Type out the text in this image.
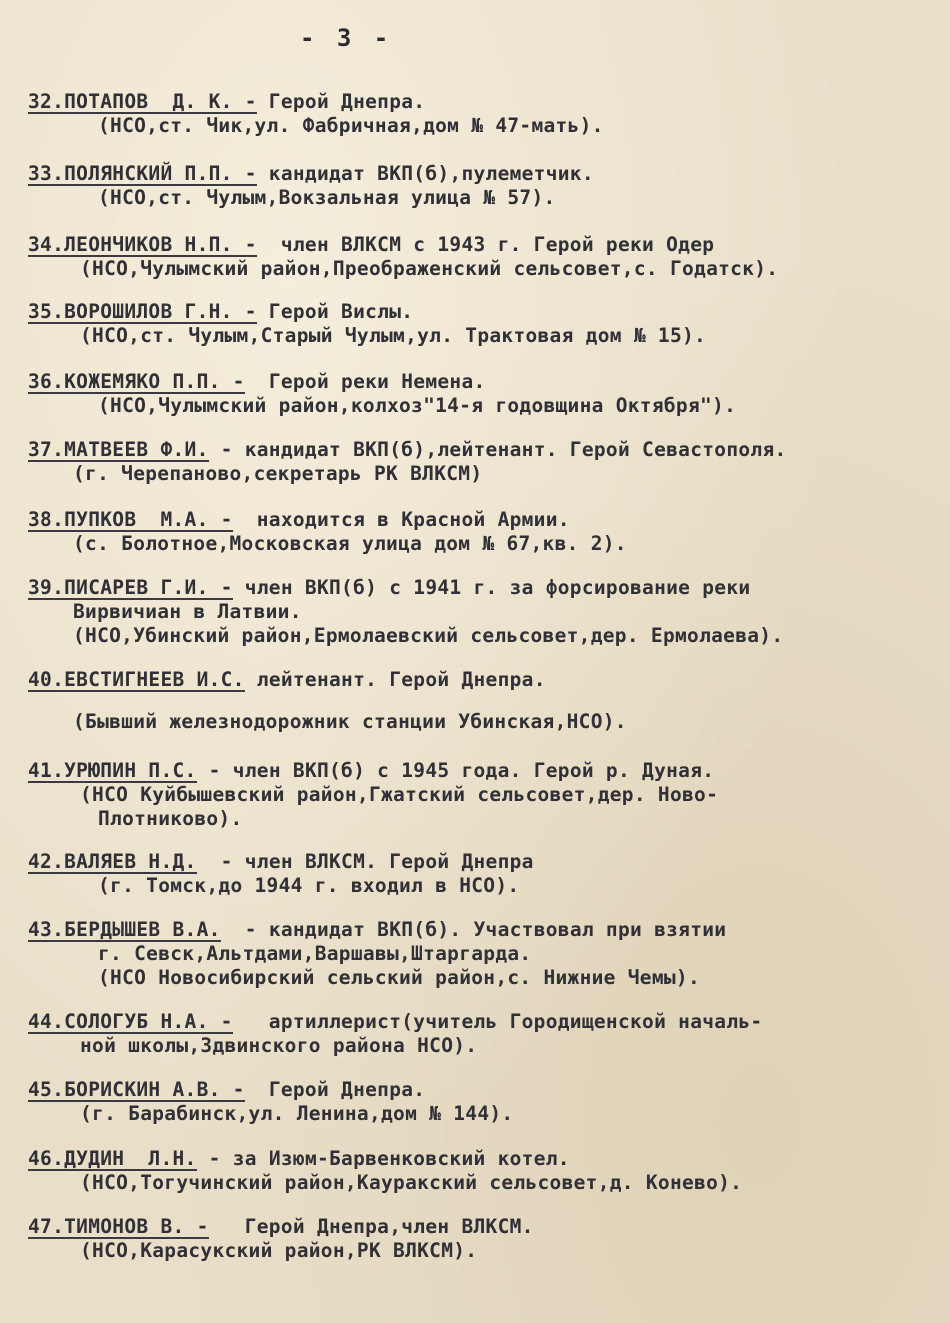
- 3 -
32.ПОТАПОВ  Д. К. - Герой Днепра.
(НСО,ст. Чик,ул. Фабричная,дом № 47-мать).
33.ПОЛЯНСКИЙ П.П. - кандидат ВКП(б),пулеметчик.
(НСО,ст. Чулым,Вокзальная улица № 57).
34.ЛЕОНЧИКОВ Н.П. -  член ВЛКСМ с 1943 г. Герой реки Одер
(НСО,Чулымский район,Преображенский сельсовет,с. Годатск).
35.ВОРОШИЛОВ Г.Н. - Герой Вислы.
(НСО,ст. Чулым,Старый Чулым,ул. Трактовая дом № 15).
36.КОЖЕМЯКО П.П. -  Герой реки Немена.
(НСО,Чулымский район,колхоз"14-я годовщина Октября").
37.МАТВЕЕВ Ф.И. - кандидат ВКП(б),лейтенант. Герой Севастополя.
(г. Черепаново,секретарь РК ВЛКСМ)
38.ПУПКОВ  М.А. -  находится в Красной Армии.
(с. Болотное,Московская улица дом № 67,кв. 2).
39.ПИСАРЕВ Г.И. - член ВКП(б) с 1941 г. за форсирование реки
Вирвичиан в Латвии.
(НСО,Убинский район,Ермолаевский сельсовет,дер. Ермолаева).
40.ЕВСТИГНЕЕВ И.С. лейтенант. Герой Днепра.
(Бывший железнодорожник станции Убинская,НСО).
41.УРЮПИН П.С. - член ВКП(б) с 1945 года. Герой р. Дуная.
(НСО Куйбышевский район,Гжатский сельсовет,дер. Ново-
Плотниково).
42.ВАЛЯЕВ Н.Д.  - член ВЛКСМ. Герой Днепра
(г. Томск,до 1944 г. входил в НСО).
43.БЕРДЫШЕВ В.А.  - кандидат ВКП(б). Участвовал при взятии
г. Севск,Альтдами,Варшавы,Штаргарда.
(НСО Новосибирский сельский район,с. Нижние Чемы).
44.СОЛОГУБ Н.А. -   артиллерист(учитель Городищенской началь-
ной школы,Здвинского района НСО).
45.БОРИСКИН А.В. -  Герой Днепра.
(г. Барабинск,ул. Ленина,дом № 144).
46.ДУДИН  Л.Н. - за Изюм-Барвенковский котел.
(НСО,Тогучинский район,Кауракский сельсовет,д. Конево).
47.ТИМОНОВ В. -   Герой Днепра,член ВЛКСМ.
(НСО,Карасукский район,РК ВЛКСМ).
